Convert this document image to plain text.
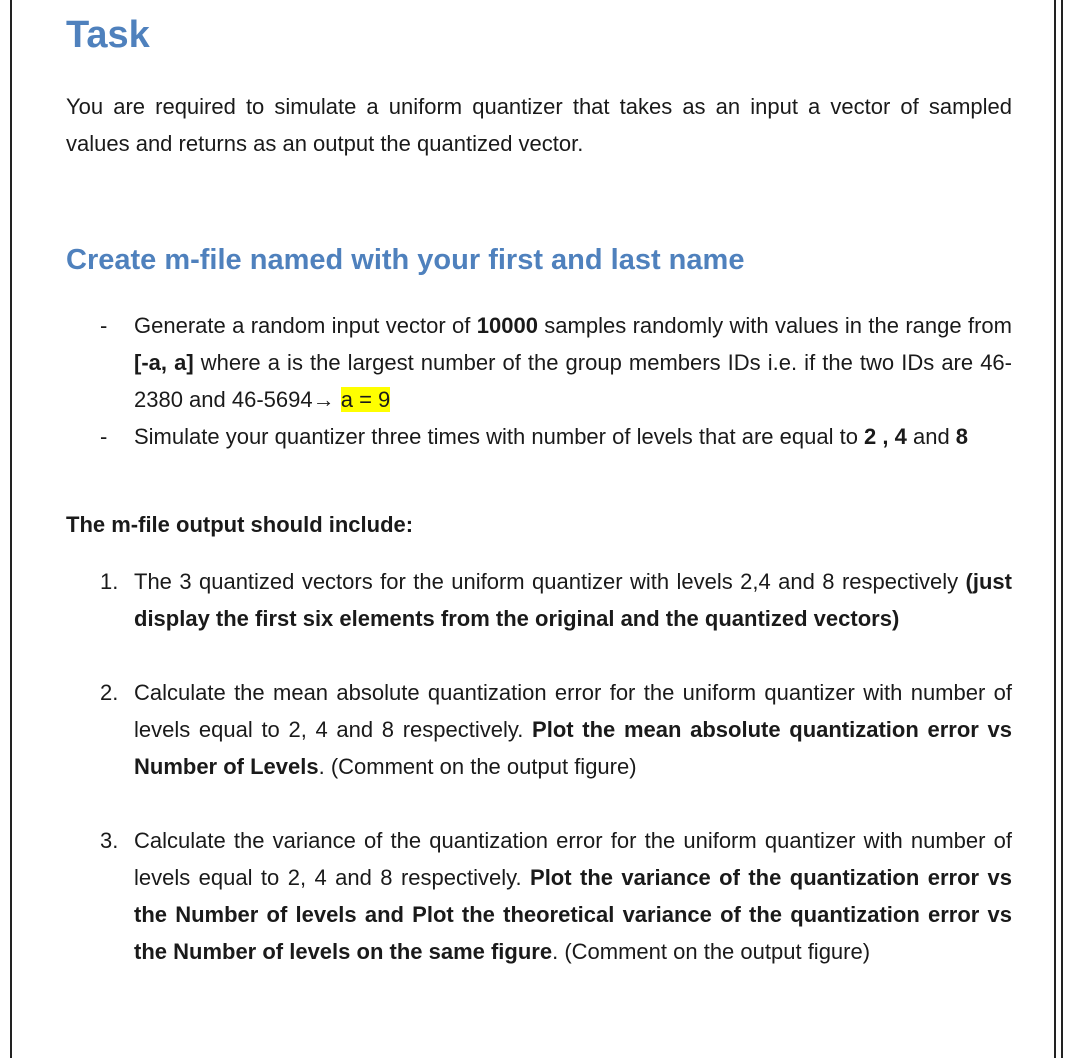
Task

You are required to simulate a uniform quantizer that takes as an input a vector of sampled values and returns as an output the quantized vector.

Create m-file named with your first and last name
- Generate a random input vector of 10000 samples randomly with values in the range from [-a, a] where a is the largest number of the group members IDs i.e. if the two IDs are 46-2380 and 46-5694→ a = 9
- Simulate your quantizer three times with number of levels that are equal to 2 , 4 and 8

The m-file output should include:

1. The 3 quantized vectors for the uniform quantizer with levels 2,4 and 8 respectively (just display the first six elements from the original and the quantized vectors)
2. Calculate the mean absolute quantization error for the uniform quantizer with number of levels equal to 2, 4 and 8 respectively. Plot the mean absolute quantization error vs Number of Levels. (Comment on the output figure)
3. Calculate the variance of the quantization error for the uniform quantizer with number of levels equal to 2, 4 and 8 respectively. Plot the variance of the quantization error vs the Number of levels and Plot the theoretical variance of the quantization error vs the Number of levels on the same figure. (Comment on the output figure)
